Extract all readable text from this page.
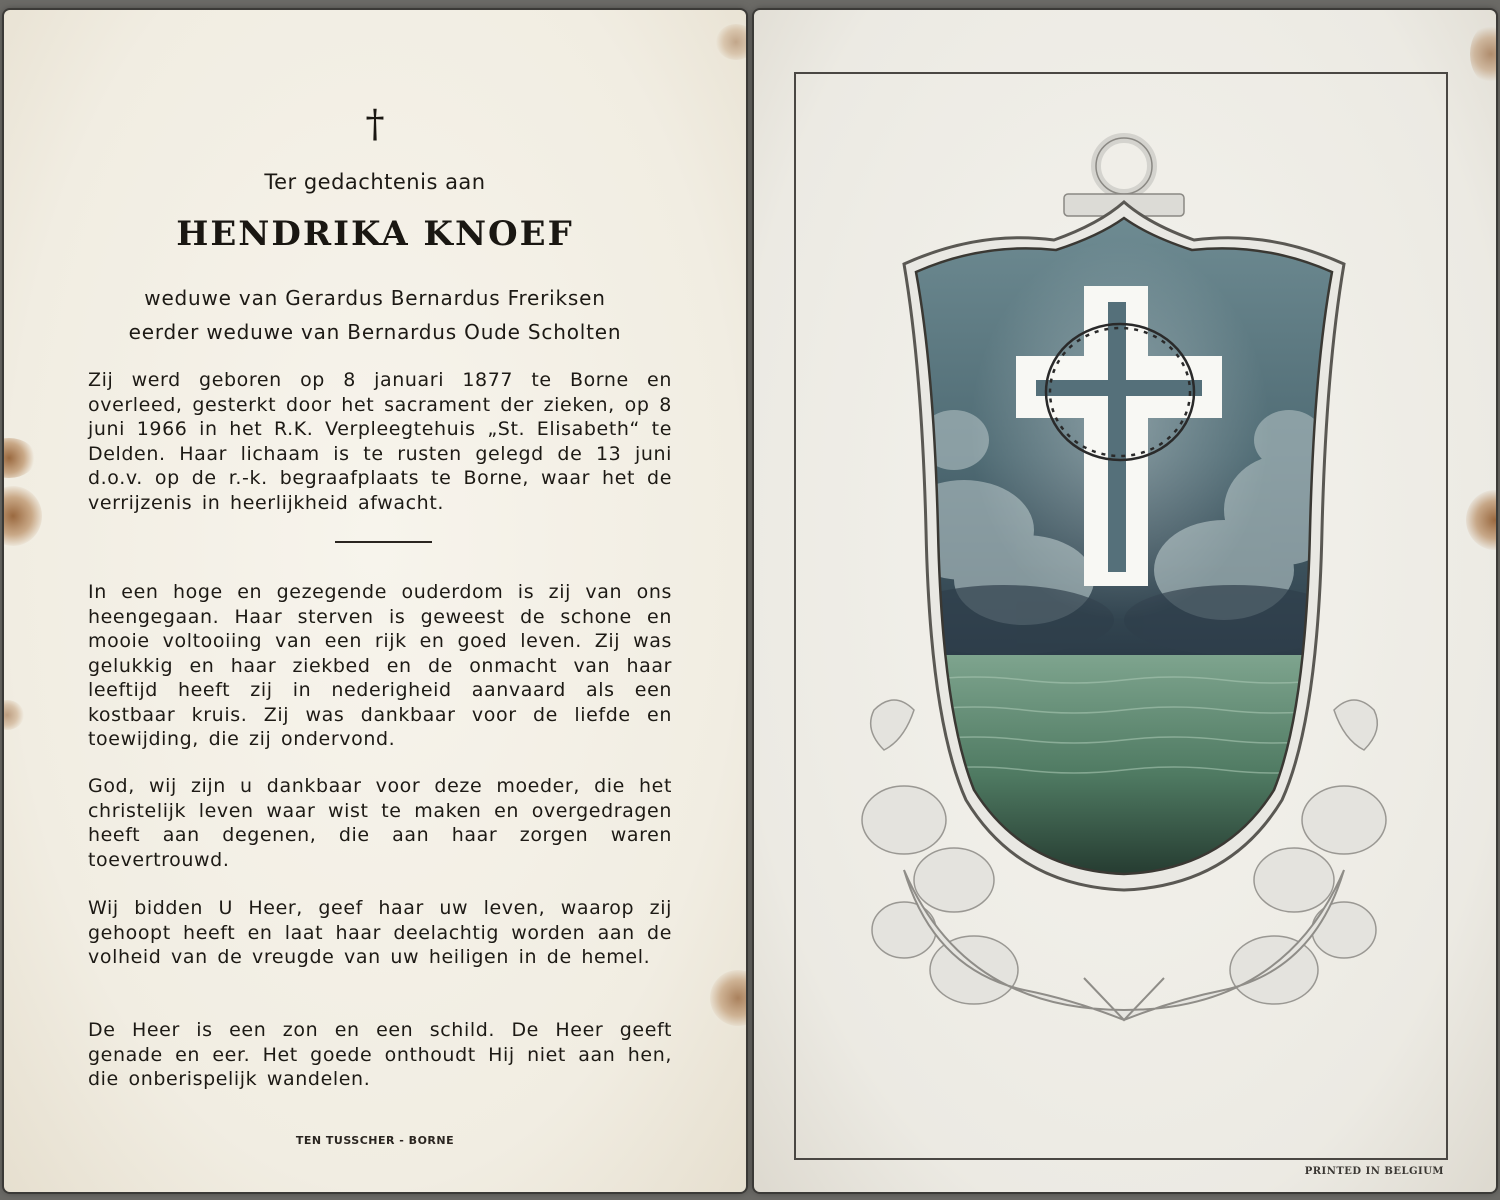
†
Ter gedachtenis aan
HENDRIKA KNOEF
weduwe van Gerardus Bernardus Freriksen
eerder weduwe van Bernardus Oude Scholten
Zij werd geboren op 8 januari 1877 te Borne en overleed, gesterkt door het sacrament der zieken, op 8 juni 1966 in het R.K. Verpleegtehuis „St. Elisabeth“ te Delden. Haar lichaam is te rusten gelegd de 13 juni d.o.v. op de r.-k. begraafplaats te Borne, waar het de verrijzenis in heerlijkheid afwacht.
In een hoge en gezegende ouderdom is zij van ons heengegaan. Haar sterven is geweest de schone en mooie voltooiing van een rijk en goed leven. Zij was gelukkig en haar ziekbed en de onmacht van haar leeftijd heeft zij in nederigheid aanvaard als een kostbaar kruis. Zij was dankbaar voor de liefde en toewijding, die zij ondervond.
God, wij zijn u dankbaar voor deze moeder, die het christelijk leven waar wist te maken en overgedragen heeft aan degenen, die aan haar zorgen waren toevertrouwd.
Wij bidden U Heer, geef haar uw leven, waarop zij gehoopt heeft en laat haar deelachtig worden aan de volheid van de vreugde van uw heiligen in de hemel.
De Heer is een zon en een schild. De Heer geeft genade en eer. Het goede onthoudt Hij niet aan hen, die onberispelijk wandelen.
TEN TUSSCHER - BORNE
PRINTED IN BELGIUM
